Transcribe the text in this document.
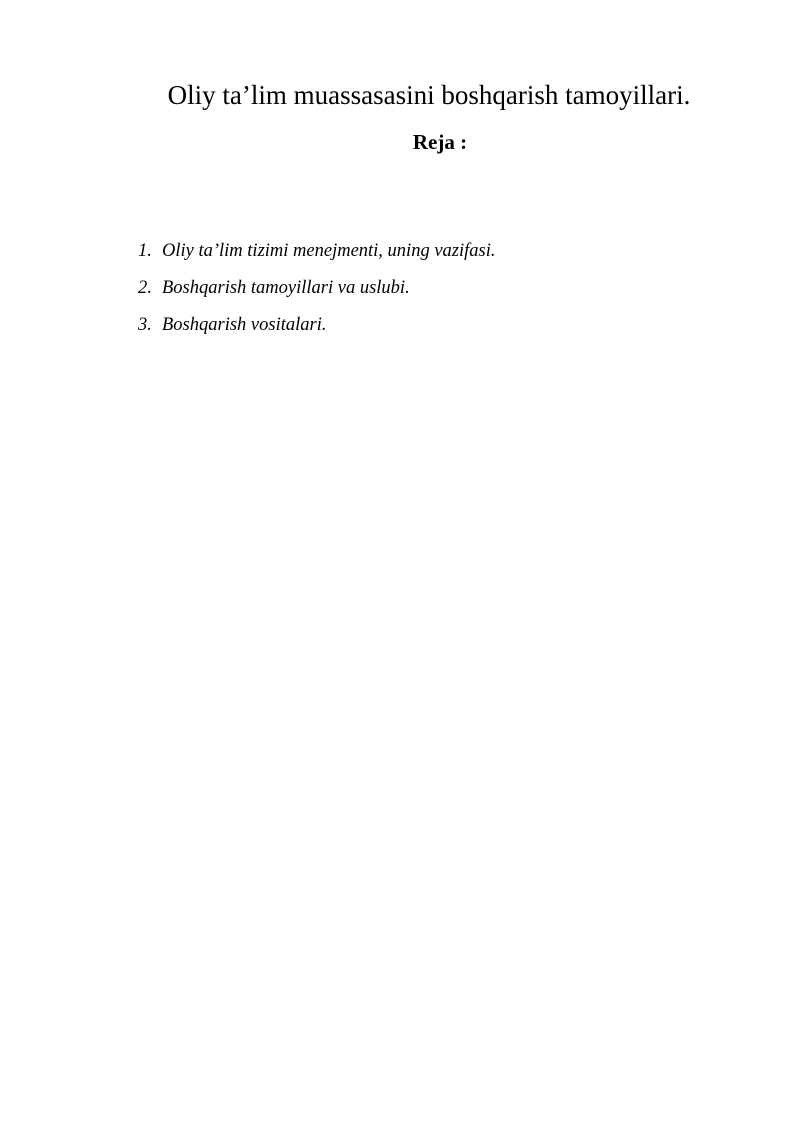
Oliy ta’lim muassasasini boshqarish tamoyillari.
Reja :
1. Oliy ta’lim tizimi menejmenti, uning vazifasi.
2. Boshqarish tamoyillari va uslubi.
3. Boshqarish vositalari.
